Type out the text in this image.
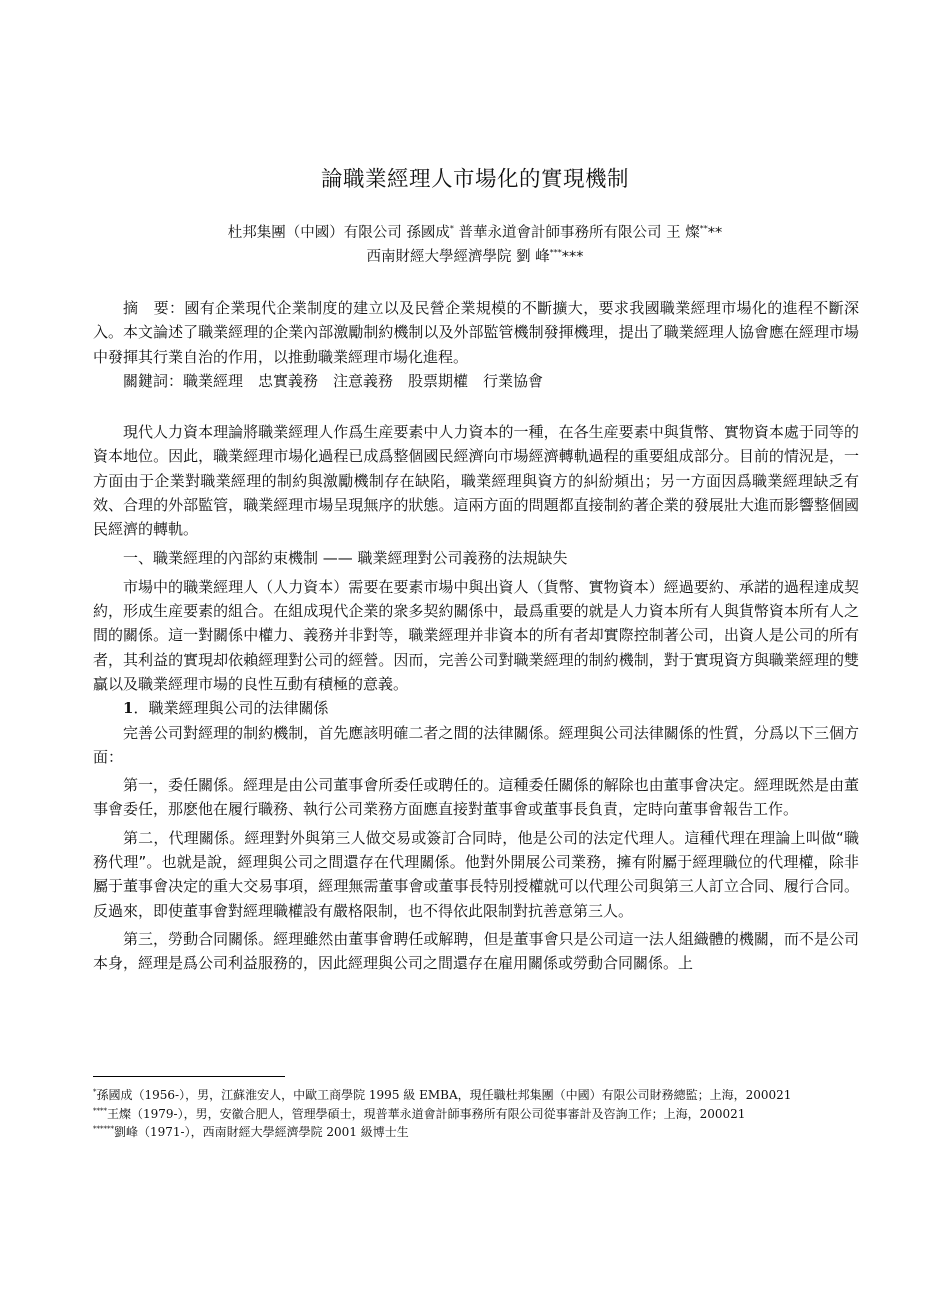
論職業經理人市場化的實現機制
杜邦集團（中國）有限公司 孫國成* 普華永道會計師事務所有限公司 王 燦****
西南財經大學經濟學院 劉 峰******

摘　要：國有企業現代企業制度的建立以及民營企業規模的不斷擴大，要求我國職業經理市場化的進程不斷深入。本文論述了職業經理的企業內部激勵制約機制以及外部監管機制發揮機理，提出了職業經理人協會應在經理市場中發揮其行業自治的作用，以推動職業經理市場化進程。

關鍵詞：職業經理　忠實義務　注意義務　股票期權　行業協會

現代人力資本理論將職業經理人作爲生産要素中人力資本的一種，在各生産要素中與貨幣、實物資本處于同等的資本地位。因此，職業經理市場化過程已成爲整個國民經濟向市場經濟轉軌過程的重要組成部分。目前的情況是，一方面由于企業對職業經理的制約與激勵機制存在缺陷，職業經理與資方的糾紛頻出；另一方面因爲職業經理缺乏有效、合理的外部監管，職業經理市場呈現無序的狀態。這兩方面的問題都直接制約著企業的發展壯大進而影響整個國民經濟的轉軌。

一、職業經理的內部約束機制 —— 職業經理對公司義務的法規缺失

市場中的職業經理人（人力資本）需要在要素市場中與出資人（貨幣、實物資本）經過要約、承諾的過程達成契約，形成生産要素的組合。在組成現代企業的衆多契約關係中，最爲重要的就是人力資本所有人與貨幣資本所有人之間的關係。這一對關係中權力、義務并非對等，職業經理并非資本的所有者却實際控制著公司，出資人是公司的所有者，其利益的實現却依賴經理對公司的經營。因而，完善公司對職業經理的制約機制，對于實現資方與職業經理的雙贏以及職業經理市場的良性互動有積極的意義。

1．職業經理與公司的法律關係

完善公司對經理的制約機制，首先應該明確二者之間的法律關係。經理與公司法律關係的性質，分爲以下三個方面：

第一，委任關係。經理是由公司董事會所委任或聘任的。這種委任關係的解除也由董事會决定。經理既然是由董事會委任，那麽他在履行職務、執行公司業務方面應直接對董事會或董事長負責，定時向董事會報告工作。

第二，代理關係。經理對外與第三人做交易或簽訂合同時，他是公司的法定代理人。這種代理在理論上叫做“職務代理”。也就是說，經理與公司之間還存在代理關係。他對外開展公司業務，擁有附屬于經理職位的代理權，除非屬于董事會决定的重大交易事項，經理無需董事會或董事長特別授權就可以代理公司與第三人訂立合同、履行合同。反過來，即使董事會對經理職權設有嚴格限制，也不得依此限制對抗善意第三人。

第三，勞動合同關係。經理雖然由董事會聘任或解聘，但是董事會只是公司這一法人組織體的機關，而不是公司本身，經理是爲公司利益服務的，因此經理與公司之間還存在雇用關係或勞動合同關係。上

*孫國成（1956-），男，江蘇淮安人，中歐工商學院 1995 級 EMBA，現任職杜邦集團（中國）有限公司財務總監；上海，200021

****王燦（1979-），男，安徽合肥人，管理學碩士，現普華永道會計師事務所有限公司從事審計及咨詢工作；上海，200021

******劉峰（1971-），西南財經大學經濟學院 2001 級博士生
